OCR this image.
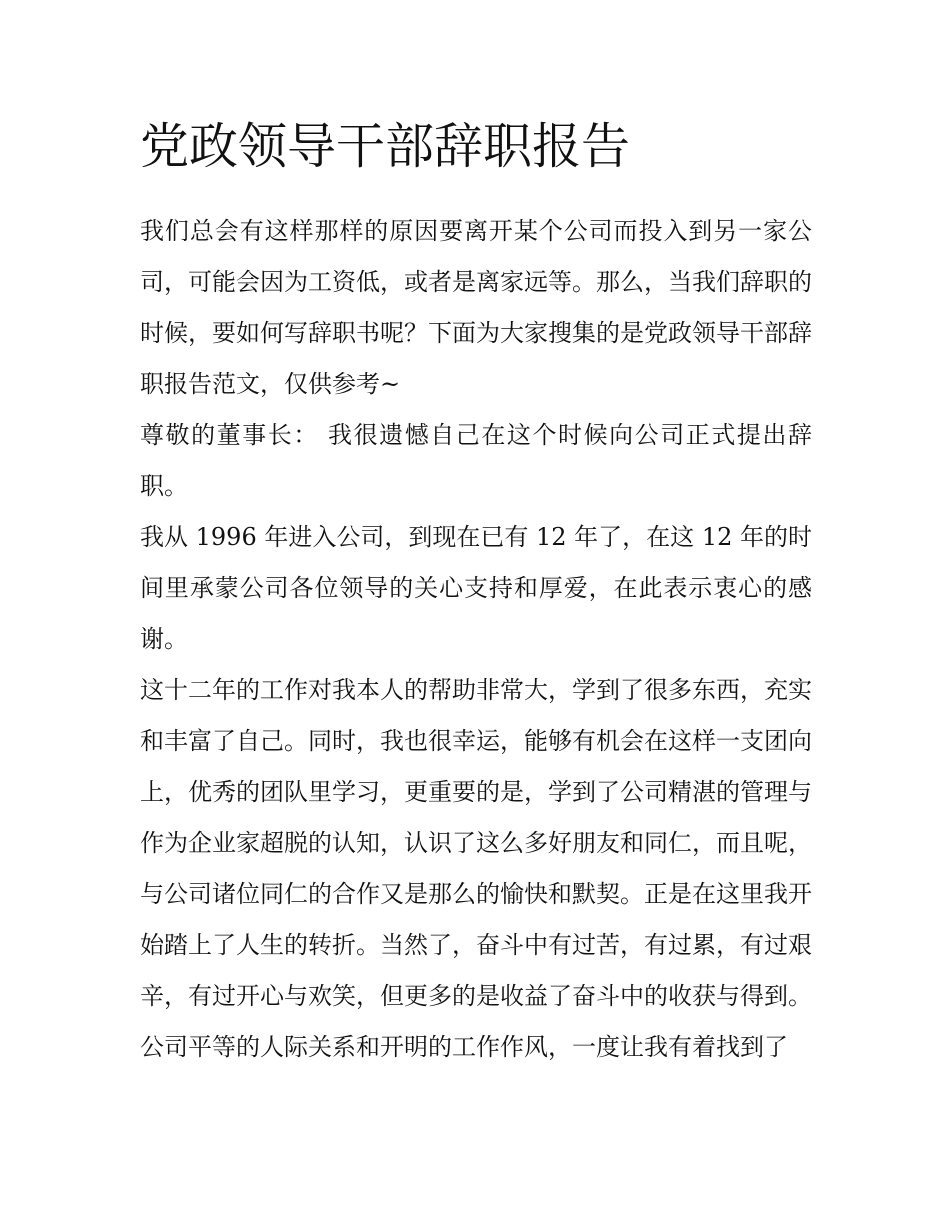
党政领导干部辞职报告

我们总会有这样那样的原因要离开某个公司而投入到另一家公司，可能会因为工资低，或者是离家远等。那么，当我们辞职的时候，要如何写辞职书呢？下面为大家搜集的是党政领导干部辞职报告范文，仅供参考~

尊敬的董事长： 我很遗憾自己在这个时候向公司正式提出辞职。

我从 1996 年进入公司，到现在已有 12 年了，在这 12 年的时间里承蒙公司各位领导的关心支持和厚爱，在此表示衷心的感谢。

这十二年的工作对我本人的帮助非常大，学到了很多东西，充实和丰富了自己。同时，我也很幸运，能够有机会在这样一支团向上，优秀的团队里学习，更重要的是，学到了公司精湛的管理与作为企业家超脱的认知，认识了这么多好朋友和同仁，而且呢，与公司诸位同仁的合作又是那么的愉快和默契。正是在这里我开始踏上了人生的转折。当然了，奋斗中有过苦，有过累，有过艰辛，有过开心与欢笑，但更多的是收益了奋斗中的收获与得到。

公司平等的人际关系和开明的工作作风，一度让我有着找到了
